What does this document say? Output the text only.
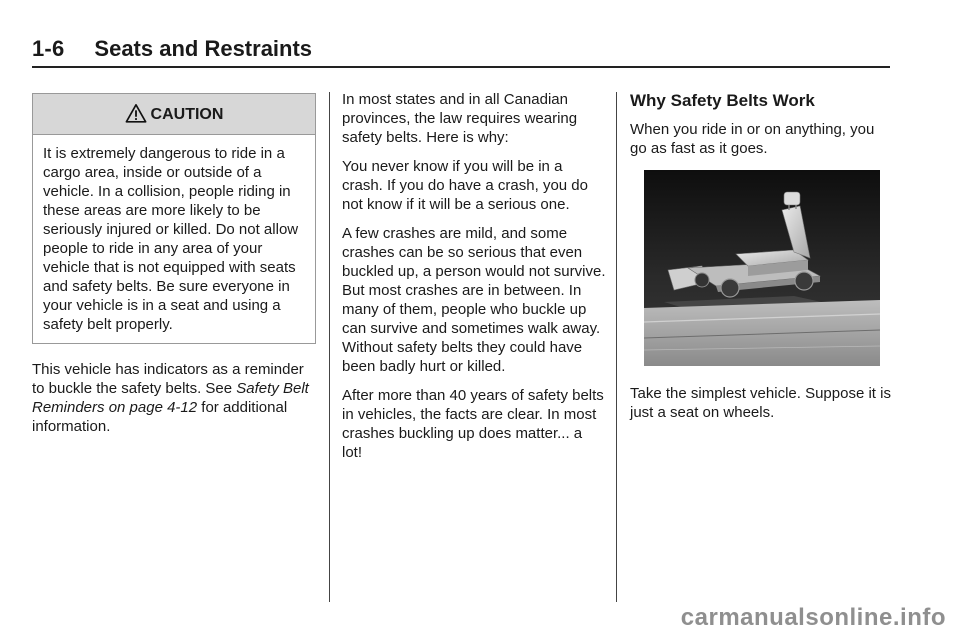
1-6 Seats and Restraints
CAUTION
It is extremely dangerous to ride in a cargo area, inside or outside of a vehicle. In a collision, people riding in these areas are more likely to be seriously injured or killed. Do not allow people to ride in any area of your vehicle that is not equipped with seats and safety belts. Be sure everyone in your vehicle is in a seat and using a safety belt properly.

This vehicle has indicators as a reminder to buckle the safety belts. See Safety Belt Reminders on page 4-12 for additional information.

In most states and in all Canadian provinces, the law requires wearing safety belts. Here is why:

You never know if you will be in a crash. If you do have a crash, you do not know if it will be a serious one.

A few crashes are mild, and some crashes can be so serious that even buckled up, a person would not survive. But most crashes are in between. In many of them, people who buckle up can survive and sometimes walk away. Without safety belts they could have been badly hurt or killed.

After more than 40 years of safety belts in vehicles, the facts are clear. In most crashes buckling up does matter... a lot!

Why Safety Belts Work

When you ride in or on anything, you go as fast as it goes.

Take the simplest vehicle. Suppose it is just a seat on wheels.

carmanualsonline.info
